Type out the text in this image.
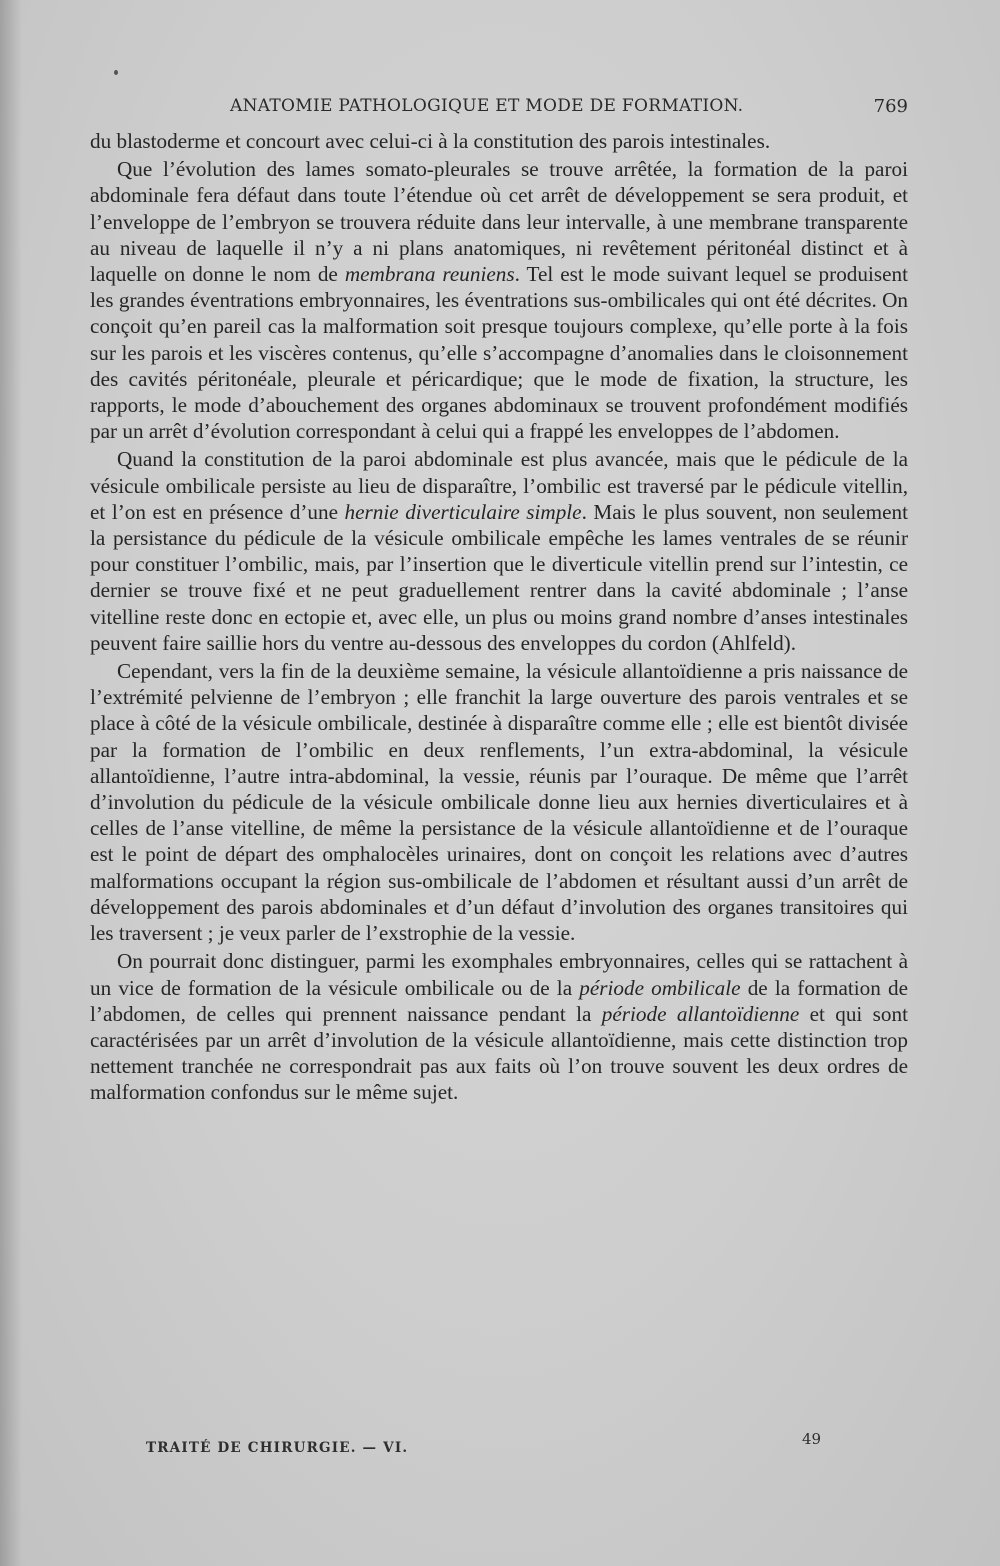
ANATOMIE PATHOLOGIQUE ET MODE DE FORMATION.	769

du blastoderme et concourt avec celui-ci à la constitution des parois intestinales.

Que l’évolution des lames somato-pleurales se trouve arrêtée, la formation de la paroi abdominale fera défaut dans toute l’étendue où cet arrêt de développement se sera produit, et l’enveloppe de l’embryon se trouvera réduite dans leur intervalle, à une membrane transparente au niveau de laquelle il n’y a ni plans anatomiques, ni revêtement péritonéal distinct et à laquelle on donne le nom de membrana reuniens. Tel est le mode suivant lequel se produisent les grandes éventrations embryonnaires, les éventrations sus-ombilicales qui ont été décrites. On conçoit qu’en pareil cas la malformation soit presque toujours complexe, qu’elle porte à la fois sur les parois et les viscères contenus, qu’elle s’accompagne d’anomalies dans le cloisonnement des cavités péritonéale, pleurale et péricardique; que le mode de fixation, la structure, les rapports, le mode d’abouchement des organes abdominaux se trouvent profondément modifiés par un arrêt d’évolution correspondant à celui qui a frappé les enveloppes de l’abdomen.

Quand la constitution de la paroi abdominale est plus avancée, mais que le pédicule de la vésicule ombilicale persiste au lieu de disparaître, l’ombilic est traversé par le pédicule vitellin, et l’on est en présence d’une hernie diverticulaire simple. Mais le plus souvent, non seulement la persistance du pédicule de la vésicule ombilicale empêche les lames ventrales de se réunir pour constituer l’ombilic, mais, par l’insertion que le diverticule vitellin prend sur l’intestin, ce dernier se trouve fixé et ne peut graduellement rentrer dans la cavité abdominale ; l’anse vitelline reste donc en ectopie et, avec elle, un plus ou moins grand nombre d’anses intestinales peuvent faire saillie hors du ventre au-dessous des enveloppes du cordon (Ahlfeld).

Cependant, vers la fin de la deuxième semaine, la vésicule allantoïdienne a pris naissance de l’extrémité pelvienne de l’embryon ; elle franchit la large ouverture des parois ventrales et se place à côté de la vésicule ombilicale, destinée à disparaître comme elle ; elle est bientôt divisée par la formation de l’ombilic en deux renflements, l’un extra-abdominal, la vésicule allantoïdienne, l’autre intra-abdominal, la vessie, réunis par l’ouraque. De même que l’arrêt d’involution du pédicule de la vésicule ombilicale donne lieu aux hernies diverticulaires et à celles de l’anse vitelline, de même la persistance de la vésicule allantoïdienne et de l’ouraque est le point de départ des omphalocèles urinaires, dont on conçoit les relations avec d’autres malformations occupant la région sus-ombilicale de l’abdomen et résultant aussi d’un arrêt de développement des parois abdominales et d’un défaut d’involution des organes transitoires qui les traversent ; je veux parler de l’exstrophie de la vessie.

On pourrait donc distinguer, parmi les exomphales embryonnaires, celles qui se rattachent à un vice de formation de la vésicule ombilicale ou de la période ombilicale de la formation de l’abdomen, de celles qui prennent naissance pendant la période allantoïdienne et qui sont caractérisées par un arrêt d’involution de la vésicule allantoïdienne, mais cette distinction trop nettement tranchée ne correspondrait pas aux faits où l’on trouve souvent les deux ordres de malformation confondus sur le même sujet.

TRAITÉ DE CHIRURGIE. — VI.	49
